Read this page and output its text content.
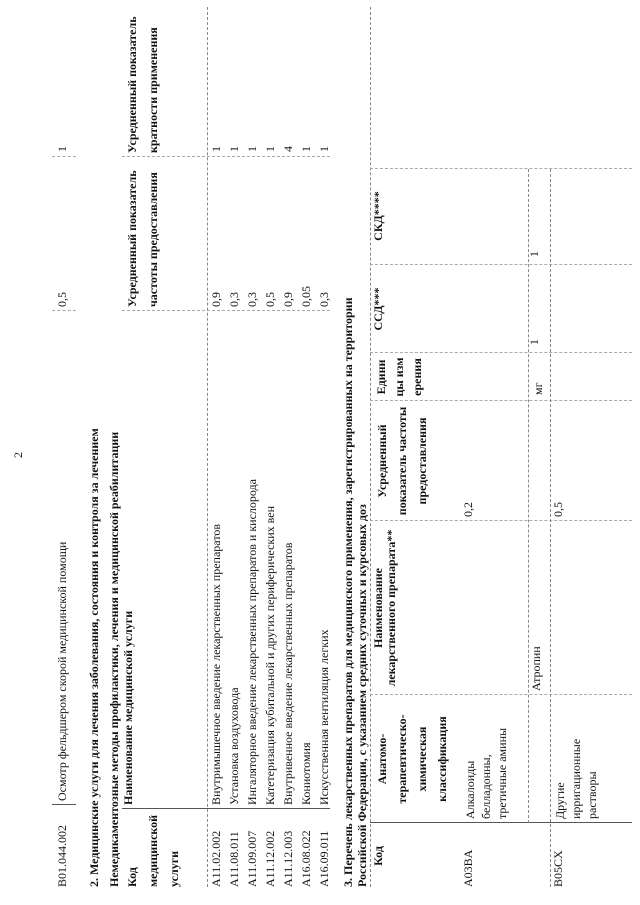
2
B01.044.002
Осмотр фельдшером скорой медицинской помощи
0,5
1
2. Медицинские услуги для лечения заболевания, состояния и контроля за лечением Немедикаментозные методы профилактики, лечения и медицинской реабилитации Код медицинской услуги
Наименование медицинской услуги
Усредненный показатель частоты предоставления
Усредненный показатель кратности применения
A11.02.002
Внутримышечное введение лекарственных препаратов
0,9
1
A11.08.011
Установка воздуховода
0,3
1
A11.09.007
Ингаляторное введение лекарственных препаратов и кислорода
0,3
1
A11.12.002
Катетеризация кубитальной и других периферических вен
0,5
1
A11.12.003
Внутривенное введение лекарственных препаратов
0,9
4
A16.08.022
Кониотомия
0,05
1
A16.09.011
Искусственная вентиляция легких
0,3
1
3. Перечень лекарственных препаратов для медицинского применения, зарегистрированных на территории Российской Федерации, с указанием средних суточных и курсовых доз Код
Анатомо-терапевтическо-химическая классификация
Наименование лекарственного препарата**
Усредненный показатель частоты предоставления
Единицы измерения
ССД***
СКД****
A03BA
Алкалоиды белладонны, третичные амины
0,2
Атропин
мг
1
1
B05CX
Другие ирригационные растворы
0,5
